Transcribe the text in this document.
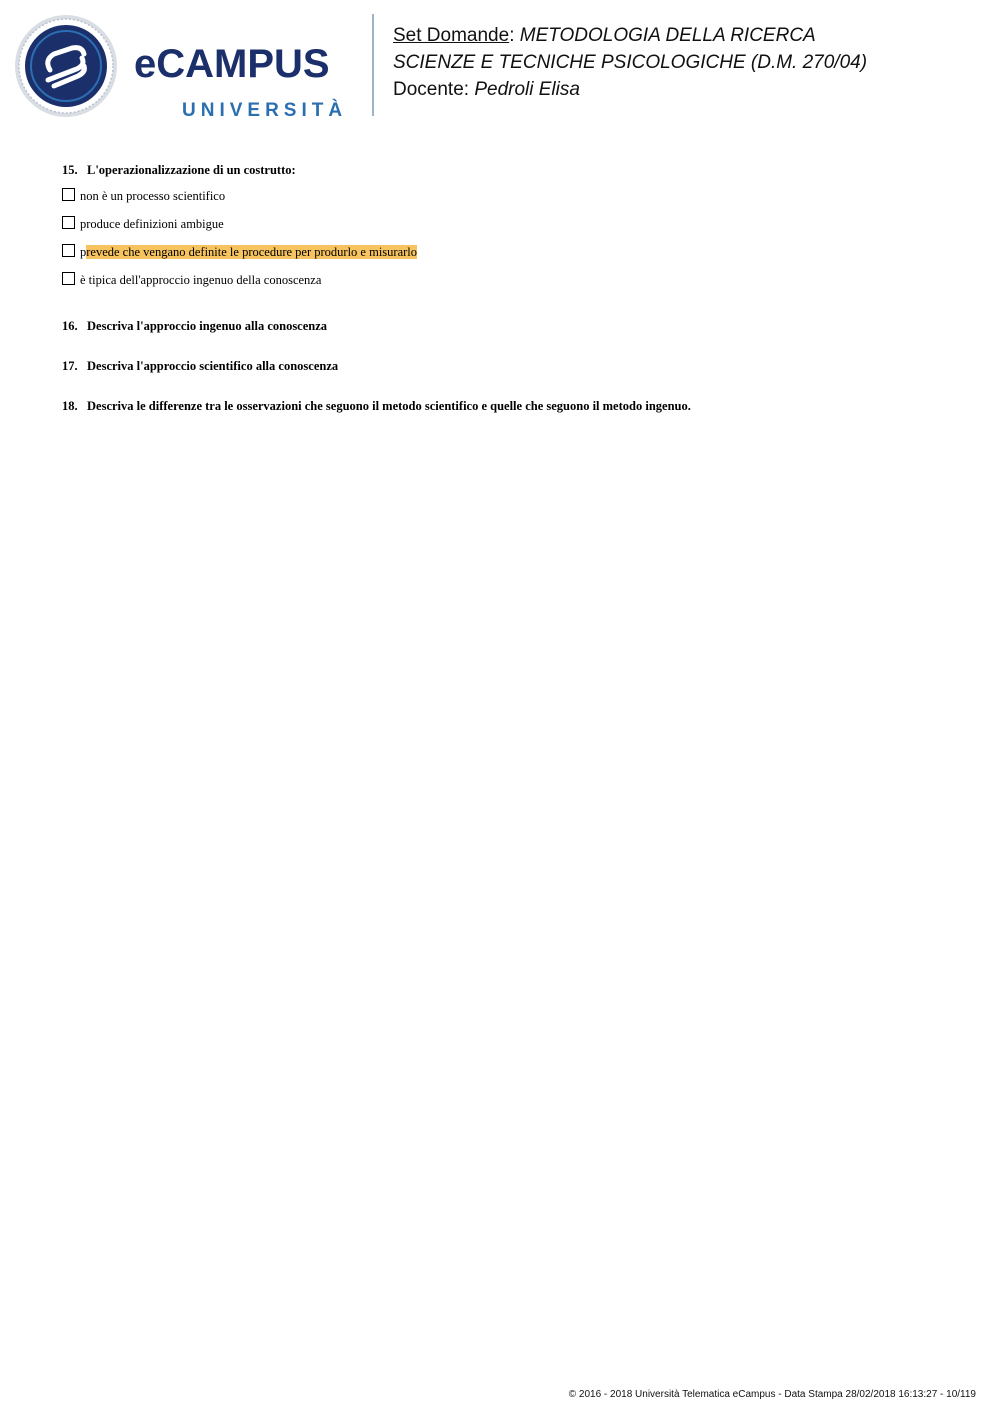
eCAMPUS
UNIVERSITÀ
Set Domande: METODOLOGIA DELLA RICERCA
SCIENZE E TECNICHE PSICOLOGICHE (D.M. 270/04)
Docente: Pedroli Elisa

15. L'operazionalizzazione di un costrutto:

non è un processo scientifico
produce definizioni ambigue
prevede che vengano definite le procedure per produrlo e misurarlo
è tipica dell'approccio ingenuo della conoscenza

16. Descriva l'approccio ingenuo alla conoscenza

17. Descriva l'approccio scientifico alla conoscenza

18. Descriva le differenze tra le osservazioni che seguono il metodo scientifico e quelle che seguono il metodo ingenuo.

© 2016 - 2018 Università Telematica eCampus - Data Stampa 28/02/2018 16:13:27 - 10/119
